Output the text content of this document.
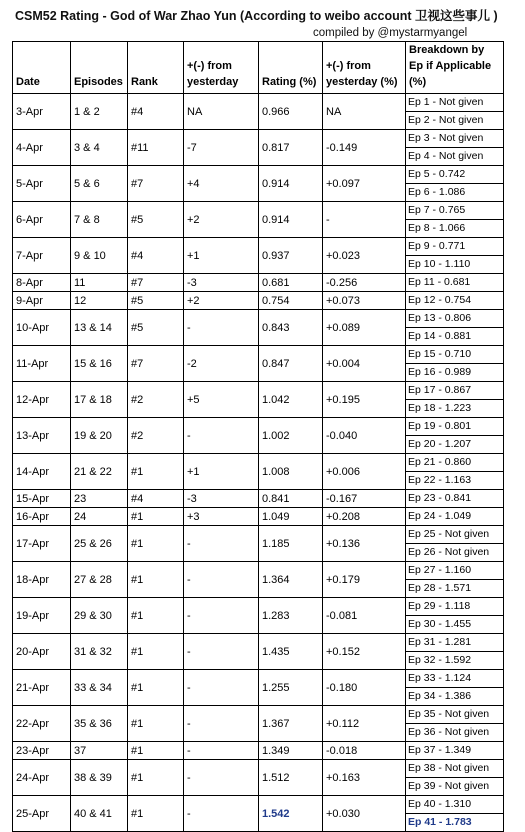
CSM52 Rating - God of War Zhao Yun (According to weibo account 卫视这些事儿 )
compiled by @mystarmyangel
Date	Episodes	Rank	+(-) from yesterday	Rating (%)	+(-) from yesterday (%)	Breakdown by Ep if Applicable (%)
3-Apr	1 & 2	#4	NA	0.966	NA	Ep 1 - Not given
						Ep 2 - Not given
4-Apr	3 & 4	#11	-7	0.817	-0.149	Ep 3 - Not given
						Ep 4 - Not given
5-Apr	5 & 6	#7	+4	0.914	+0.097	Ep 5 - 0.742
						Ep 6 - 1.086
6-Apr	7 & 8	#5	+2	0.914	-	Ep 7 - 0.765
						Ep 8 - 1.066
7-Apr	9 & 10	#4	+1	0.937	+0.023	Ep 9 - 0.771
						Ep 10 - 1.110
8-Apr	11	#7	-3	0.681	-0.256	Ep 11 - 0.681
9-Apr	12	#5	+2	0.754	+0.073	Ep 12 - 0.754
10-Apr	13 & 14	#5	-	0.843	+0.089	Ep 13 - 0.806
						Ep 14 - 0.881
11-Apr	15 & 16	#7	-2	0.847	+0.004	Ep 15 - 0.710
						Ep 16 - 0.989
12-Apr	17 & 18	#2	+5	1.042	+0.195	Ep 17 - 0.867
						Ep 18 - 1.223
13-Apr	19 & 20	#2	-	1.002	-0.040	Ep 19 - 0.801
						Ep 20 - 1.207
14-Apr	21 & 22	#1	+1	1.008	+0.006	Ep 21 - 0.860
						Ep 22 - 1.163
15-Apr	23	#4	-3	0.841	-0.167	Ep 23 - 0.841
16-Apr	24	#1	+3	1.049	+0.208	Ep 24 - 1.049
17-Apr	25 & 26	#1	-	1.185	+0.136	Ep 25 - Not given
						Ep 26 - Not given
18-Apr	27 & 28	#1	-	1.364	+0.179	Ep 27 - 1.160
						Ep 28 - 1.571
19-Apr	29 & 30	#1	-	1.283	-0.081	Ep 29 - 1.118
						Ep 30 - 1.455
20-Apr	31 & 32	#1	-	1.435	+0.152	Ep 31 - 1.281
						Ep 32 - 1.592
21-Apr	33 & 34	#1	-	1.255	-0.180	Ep 33 - 1.124
						Ep 34 - 1.386
22-Apr	35 & 36	#1	-	1.367	+0.112	Ep 35 - Not given
						Ep 36 - Not given
23-Apr	37	#1	-	1.349	-0.018	Ep 37 - 1.349
24-Apr	38 & 39	#1	-	1.512	+0.163	Ep 38 - Not given
						Ep 39 - Not given
25-Apr	40 & 41	#1	-	1.542	+0.030	Ep 40 - 1.310
						Ep 41 - 1.783
